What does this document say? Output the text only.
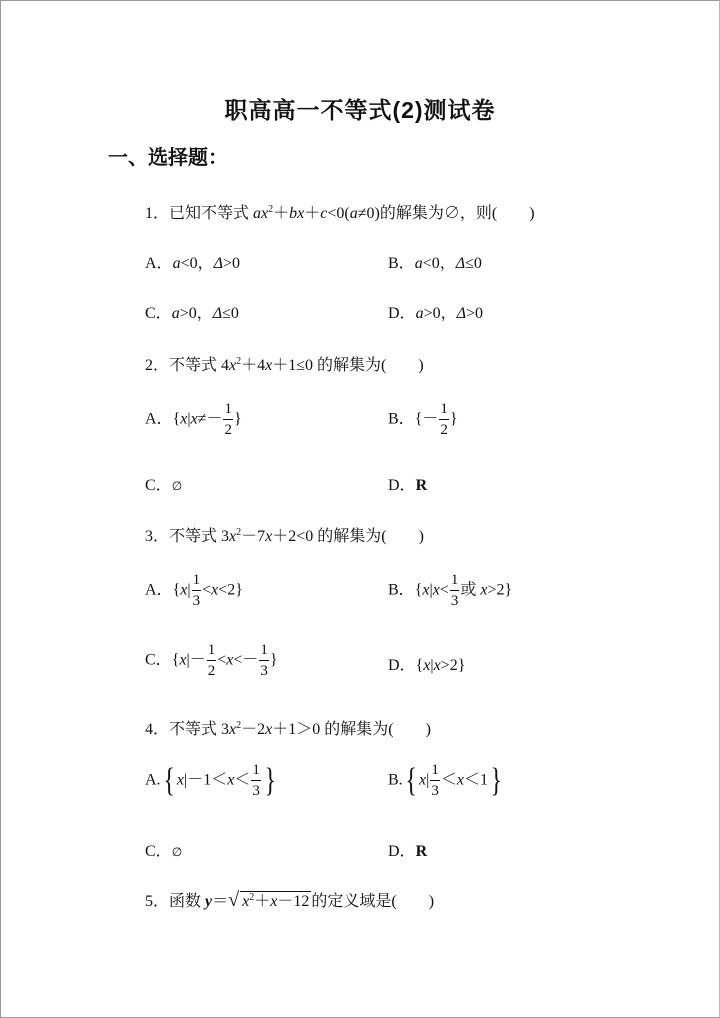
职高高一不等式(2)测试卷
一、选择题：
1．已知不等式 $ax^2+bx+c<0(a\ne 0)$的解集为∅，则(　　)
A．a<0，Δ>0	B．a<0，Δ≤0
C．a>0，Δ≤0	D．a>0，Δ>0
2．不等式 $4x^2+4x+1\le 0$ 的解集为(　　)
A．{$x|x\ne- \frac{1}{2}$ }	B．{－ $\frac{1}{2}$ }
C．∅	D．R
3．不等式 $3x^2-7x+2<0$ 的解集为(　　)
A．$\{x| \frac{1}{3} <x<2\}$	B．{$x|x< \frac{1}{3}$ 或 x>2}
C．{$x|- \frac{1}{2} <x<- \frac{1}{3}$ }	D．{x|x>2}
4．不等式 $3x^2-2x+1>0$ 的解集为(　　)
A.{ $x|-1<x< \frac{1}{3}$ }	B.{ $x| \frac{1}{3} <x<1$}
C．∅	D．R
5．函数 y＝ √ $x^2+x-12$ 的定义域是(　　)
